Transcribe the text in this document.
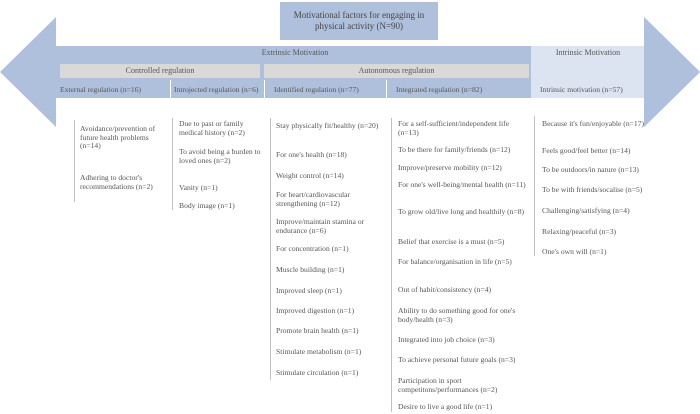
Motivational factors for engaging in physical activity (N=90)
Extrinsic Motivation	Intrinsic Motivation
Controlled regulation	Autonomous regulation
External regulation (n=16)	Introjected regulation (n=6) Identified regulation (n=77)	Integrated regulation (n=82)	Intrinsic motivation (n=57)
Avoidance/prevention of future health problems (n=14)
Adhering to doctor's recommendations (n=2)
Due to past or family medical history (n=2)
To avoid being a burden to loved ones (n=2)
Vanity (n=1)
Body image (n=1)
Stay physically fit/healthy (n=20)
For one's health (n=18)
Weight control (n=14)
For heart/cardiovascular strengthening (n=12)
Improve/maintain stamina or endurance (n=6)
For concentration (n=1)
Muscle building (n=1)
Improved sleep (n=1)
Improved digestion (n=1)
Promote brain health (n=1)
Stimulate metabolism (n=1)
Stimulate circulation (n=1)
For a self-sufficient/independent life (n=13)
To be there for family/friends (n=12)
Improve/preserve mobility (n=12)
For one's well-being/mental health (n=11)
To grow old/live long and healthily (n=8)
Belief that exercise is a must (n=5)
For balance/organisation in life (n=5)
Out of habit/consistency (n=4)
Ability to do something good for one's body/health (n=3)
Integrated into job choice (n=3)
To achieve personal future goals (n=3)
Participation in sport competitons/performances (n=2)
Desire to live a good life (n=1)
Because it's fun/enjoyable (n=17)
Feels good/feel better (n=14)
To be outdoors/in nature (n=13)
To be with friends/socalise (n=5)
Challenging/satisfying (n=4)
Relaxing/peaceful (n=3)
One's own will (n=1)
